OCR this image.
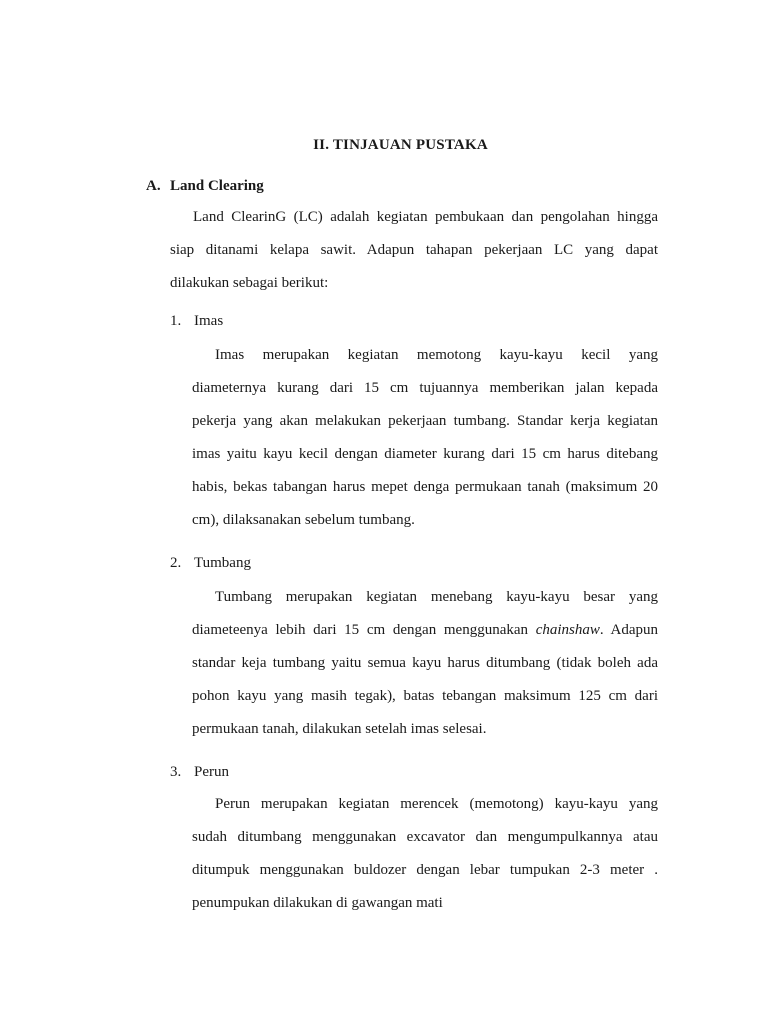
II. TINJAUAN PUSTAKA
A. Land Clearing
Land ClearinG (LC) adalah kegiatan pembukaan dan pengolahan hingga
siap ditanami kelapa sawit. Adapun tahapan pekerjaan LC yang dapat
dilakukan sebagai berikut:
1. Imas
Imas merupakan kegiatan memotong kayu-kayu kecil yang
diameternya kurang dari 15 cm tujuannya memberikan jalan kepada
pekerja yang akan melakukan pekerjaan tumbang. Standar kerja kegiatan
imas yaitu kayu kecil dengan diameter kurang dari 15 cm harus ditebang
habis, bekas tabangan harus mepet denga permukaan tanah (maksimum 20
cm), dilaksanakan sebelum tumbang.
2. Tumbang
Tumbang merupakan kegiatan menebang kayu-kayu besar yang
diameteenya lebih dari 15 cm dengan menggunakan chainshaw. Adapun
standar keja tumbang yaitu semua kayu harus ditumbang (tidak boleh ada
pohon kayu yang masih tegak), batas tebangan maksimum 125 cm dari
permukaan tanah, dilakukan setelah imas selesai.
3. Perun
Perun merupakan kegiatan merencek (memotong) kayu-kayu yang
sudah ditumbang menggunakan excavator dan mengumpulkannya atau
ditumpuk menggunakan buldozer dengan lebar tumpukan 2-3 meter .
penumpukan dilakukan di gawangan mati
